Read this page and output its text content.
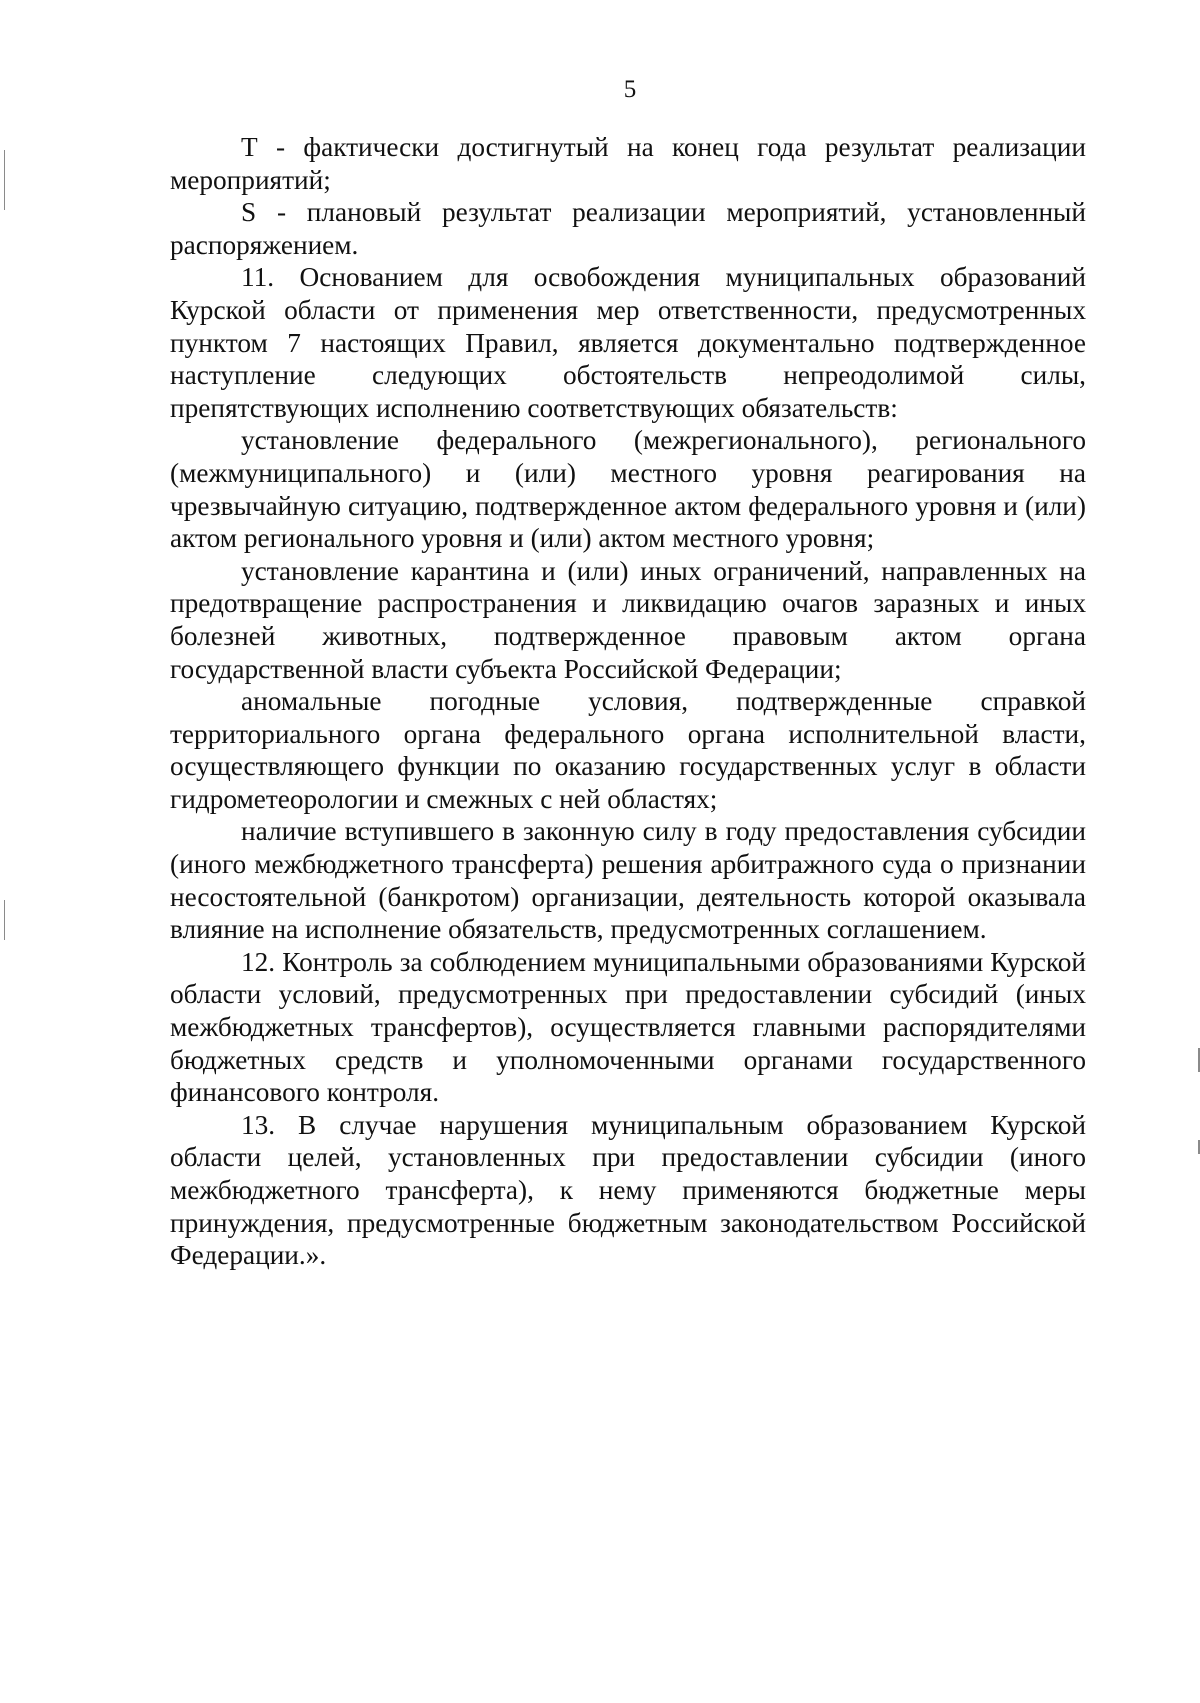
5

Т - фактически достигнутый на конец года результат реализации мероприятий;

S - плановый результат реализации мероприятий, установленный распоряжением.

11. Основанием для освобождения муниципальных образований Курской области от применения мер ответственности, предусмотренных пунктом 7 настоящих Правил, является документально подтвержденное наступление следующих обстоятельств непреодолимой силы, препятствующих исполнению соответствующих обязательств:

установление федерального (межрегионального), регионального (межмуниципального) и (или) местного уровня реагирования на чрезвычайную ситуацию, подтвержденное актом федерального уровня и (или) актом регионального уровня и (или) актом местного уровня;

установление карантина и (или) иных ограничений, направленных на предотвращение распространения и ликвидацию очагов заразных и иных болезней животных, подтвержденное правовым актом органа государственной власти субъекта Российской Федерации;

аномальные погодные условия, подтвержденные справкой территориального органа федерального органа исполнительной власти, осуществляющего функции по оказанию государственных услуг в области гидрометеорологии и смежных с ней областях;

наличие вступившего в законную силу в году предоставления субсидии (иного межбюджетного трансферта) решения арбитражного суда о признании несостоятельной (банкротом) организации, деятельность которой оказывала влияние на исполнение обязательств, предусмотренных соглашением.

12. Контроль за соблюдением муниципальными образованиями Курской области условий, предусмотренных при предоставлении субсидий (иных межбюджетных трансфертов), осуществляется главными распорядителями бюджетных средств и уполномоченными органами государственного финансового контроля.

13. В случае нарушения муниципальным образованием Курской области целей, установленных при предоставлении субсидии (иного межбюджетного трансферта), к нему применяются бюджетные меры принуждения, предусмотренные бюджетным законодательством Российской Федерации.».
